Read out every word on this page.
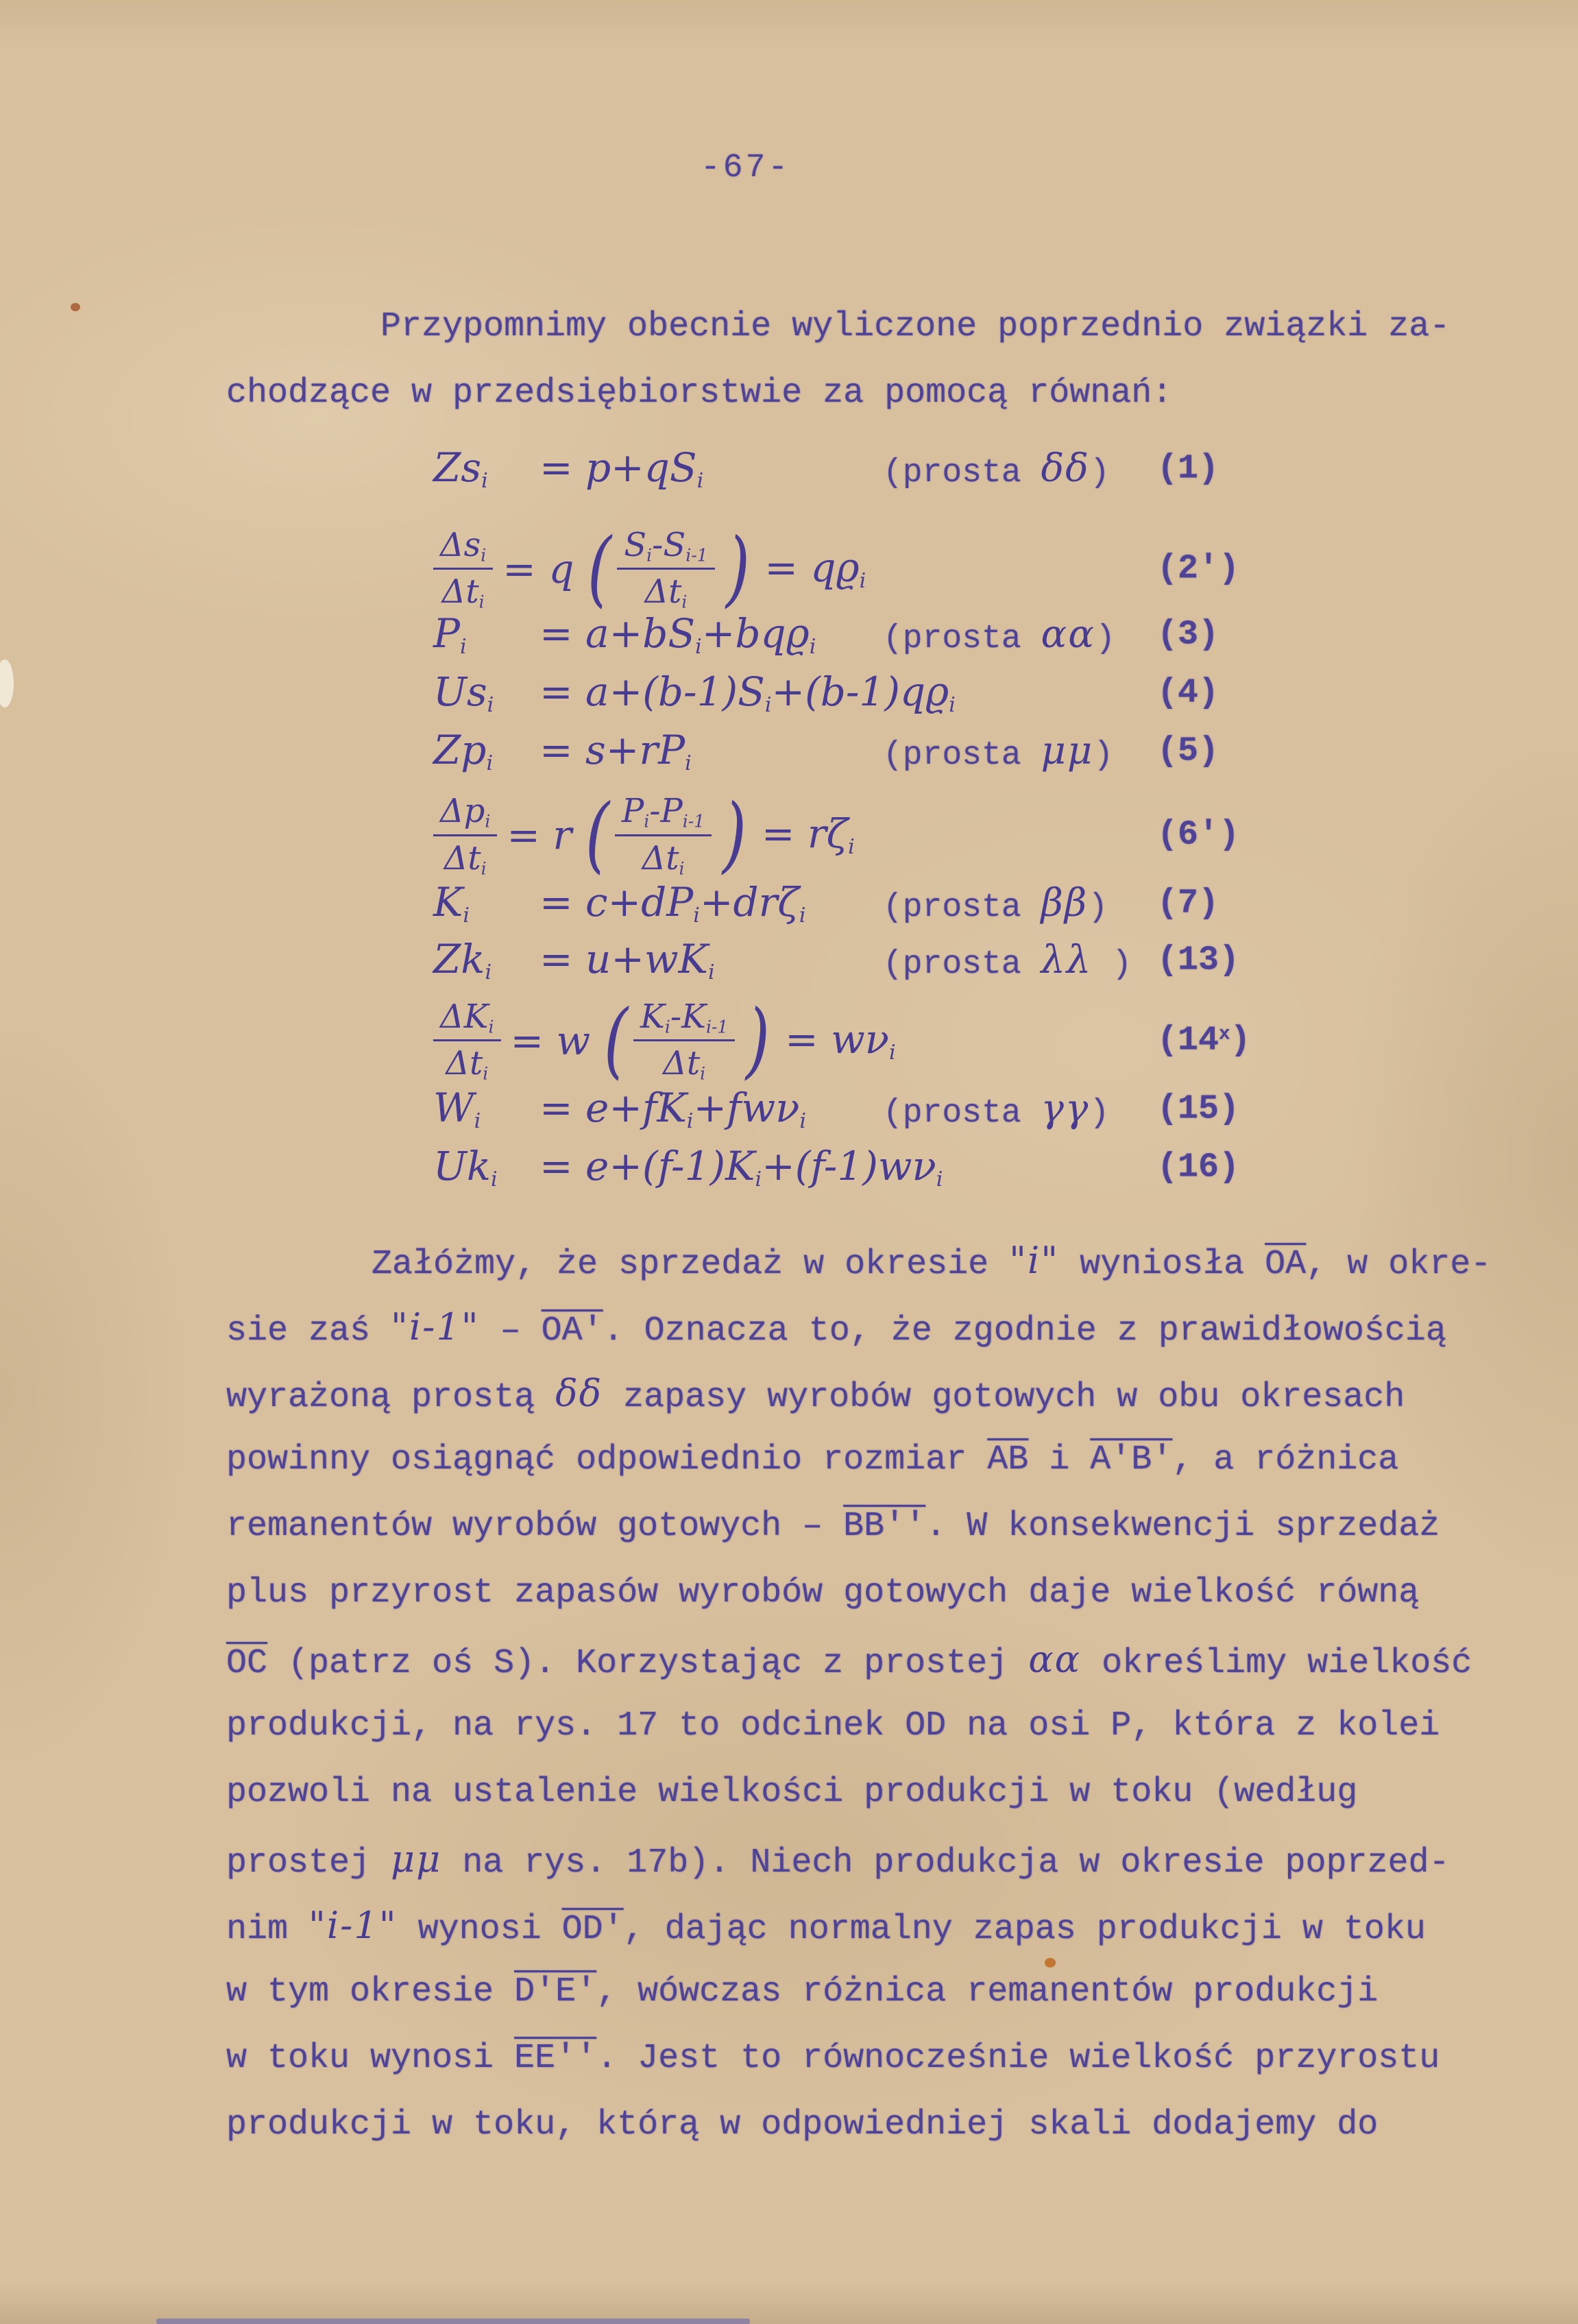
-67-
Przypomnimy obecnie wyliczone poprzednio związki za-
chodzące w przedsiębiorstwie za pomocą równań:
$Zs_i$	= $p+qS_i$	(prosta δδ) (1)
$\frac{\Delta s_i}{\Delta t_i} = q$ ( $\frac{S_i-S_{i-1}}{\Delta t_i}$ ) = $qϱ_i$	(2')
$P_i$	= $a+bS_i+bqϱ_i$ (prosta αα) (3)
$Us_i$	= $a+(b-1)S_i+(b-1)qϱ_i$	(4)
$Zp_i$	= $s+rP_i$	(prosta μμ) (5)
$\frac{\Delta p_i}{\Delta t_i} = r$ ( $\frac{P_i-P_{i-1}}{\Delta t_i}$ ) = $r\zeta_i$	(6')
$K_i$	= $c+dP_i+dr\zeta_i$ (prosta ββ) (7)
$Zk_i$	= $u+wK_i$	(prosta λλ ) (13)
$\frac{\Delta K_i}{\Delta t_i} = w$ ( $\frac{K_i-K_{i-1}}{\Delta t_i}$ ) = $w\nu_i$	(14$^x$)
$W_i$	= $e+fK_i+fw\nu_i$ (prosta γγ) (15)
$Uk_i$	= $e+(f-1)K_i+(f-1)w\nu_i$	(16)
Załóżmy, że sprzedaż w okresie "i" wyniosła $\overline{OA}$, w okre-
sie zaś "i-1" – OA'. Oznacza to, że zgodnie z prawidłowością
wyrażoną prostą δδ zapasy wyrobów gotowych w obu okresach
powinny osiągnąć odpowiednio rozmiar $\overline{AB}$ i A'B', a różnica
remanentów wyrobów gotowych – BB''. W konsekwencji sprzedaż
plus przyrost zapasów wyrobów gotowych daje wielkość równą
$\overline{OC}$ (patrz oś S). Korzystając z prostej αα określimy wielkość
produkcji, na rys. 17 to odcinek OD na osi P, która z kolei
pozwoli na ustalenie wielkości produkcji w toku (według
prostej μμ na rys. 17b). Niech produkcja w okresie poprzed-
nim "i-1" wynosi OD', dając normalny zapas produkcji w toku
w tym okresie D'E', wówczas różnica remanentów produkcji
w toku wynosi EE''. Jest to równocześnie wielkość przyrostu
produkcji w toku, którą w odpowiedniej skali dodajemy do
